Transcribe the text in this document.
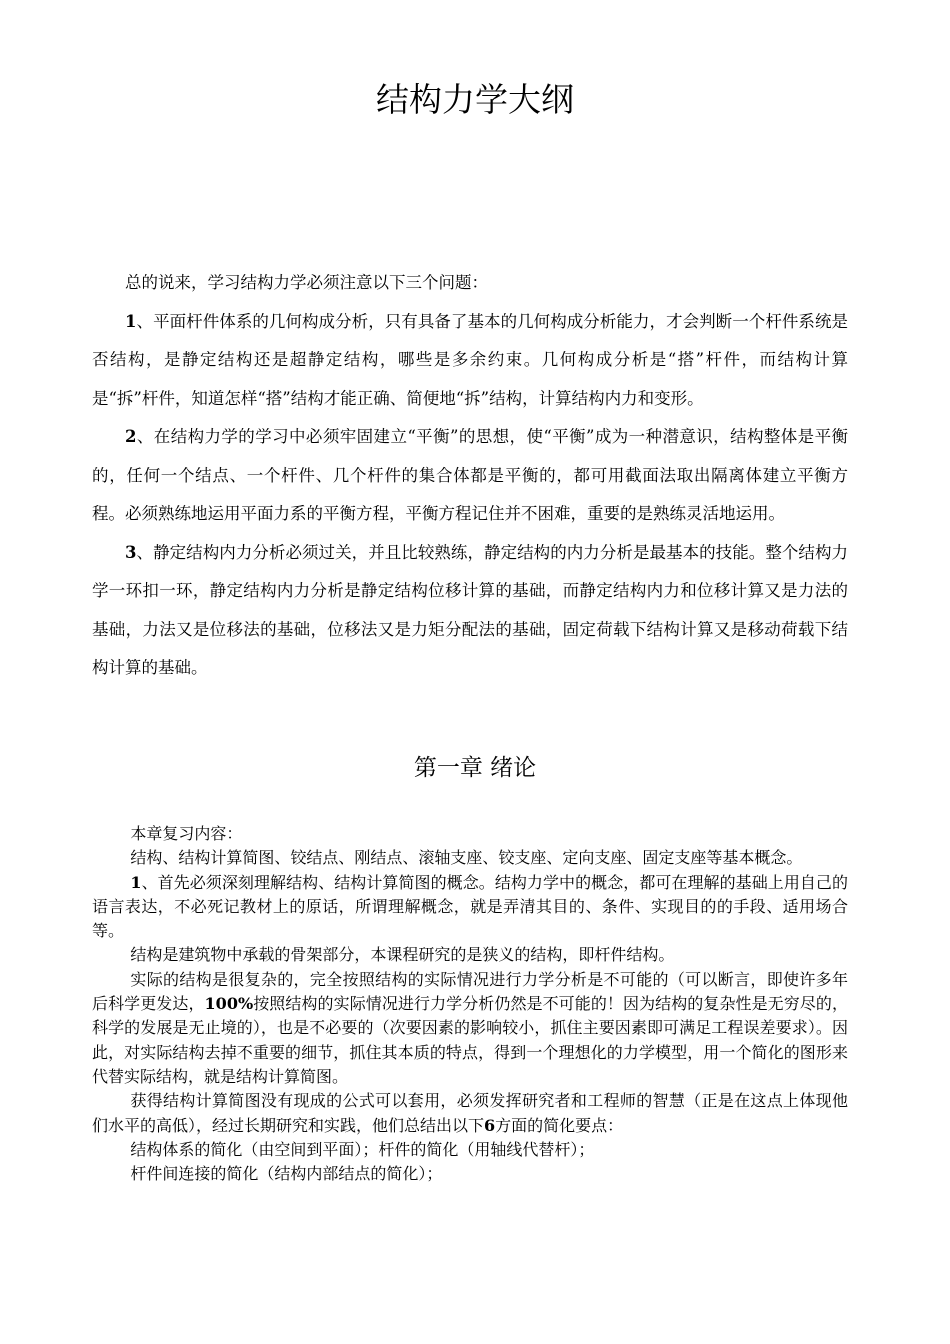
结构力学大纲

总的说来，学习结构力学必须注意以下三个问题：

1、平面杆件体系的几何构成分析，只有具备了基本的几何构成分析能力，才会判断一个杆件系统是否结构，是静定结构还是超静定结构，哪些是多余约束。几何构成分析是“搭”杆件，而结构计算是“拆”杆件，知道怎样“搭”结构才能正确、简便地“拆”结构，计算结构内力和变形。

2、在结构力学的学习中必须牢固建立“平衡”的思想，使“平衡”成为一种潜意识，结构整体是平衡的，任何一个结点、一个杆件、几个杆件的集合体都是平衡的，都可用截面法取出隔离体建立平衡方程。必须熟练地运用平面力系的平衡方程，平衡方程记住并不困难，重要的是熟练灵活地运用。

3、静定结构内力分析必须过关，并且比较熟练，静定结构的内力分析是最基本的技能。整个结构力学一环扣一环，静定结构内力分析是静定结构位移计算的基础，而静定结构内力和位移计算又是力法的基础，力法又是位移法的基础，位移法又是力矩分配法的基础，固定荷载下结构计算又是移动荷载下结构计算的基础。

第一章 绪论

本章复习内容：

结构、结构计算简图、铰结点、刚结点、滚轴支座、铰支座、定向支座、固定支座等基本概念。

1、首先必须深刻理解结构、结构计算简图的概念。结构力学中的概念，都可在理解的基础上用自己的语言表达，不必死记教材上的原话，所谓理解概念，就是弄清其目的、条件、实现目的的手段、适用场合等。

结构是建筑物中承载的骨架部分，本课程研究的是狭义的结构，即杆件结构。

实际的结构是很复杂的，完全按照结构的实际情况进行力学分析是不可能的（可以断言，即使许多年后科学更发达，100%按照结构的实际情况进行力学分析仍然是不可能的！因为结构的复杂性是无穷尽的，科学的发展是无止境的），也是不必要的（次要因素的影响较小，抓住主要因素即可满足工程误差要求）。因此，对实际结构去掉不重要的细节，抓住其本质的特点，得到一个理想化的力学模型，用一个简化的图形来代替实际结构，就是结构计算简图。

获得结构计算简图没有现成的公式可以套用，必须发挥研究者和工程师的智慧（正是在这点上体现他们水平的高低），经过长期研究和实践，他们总结出以下6方面的简化要点：

结构体系的简化（由空间到平面）；杆件的简化（用轴线代替杆）；

杆件间连接的简化（结构内部结点的简化）；
